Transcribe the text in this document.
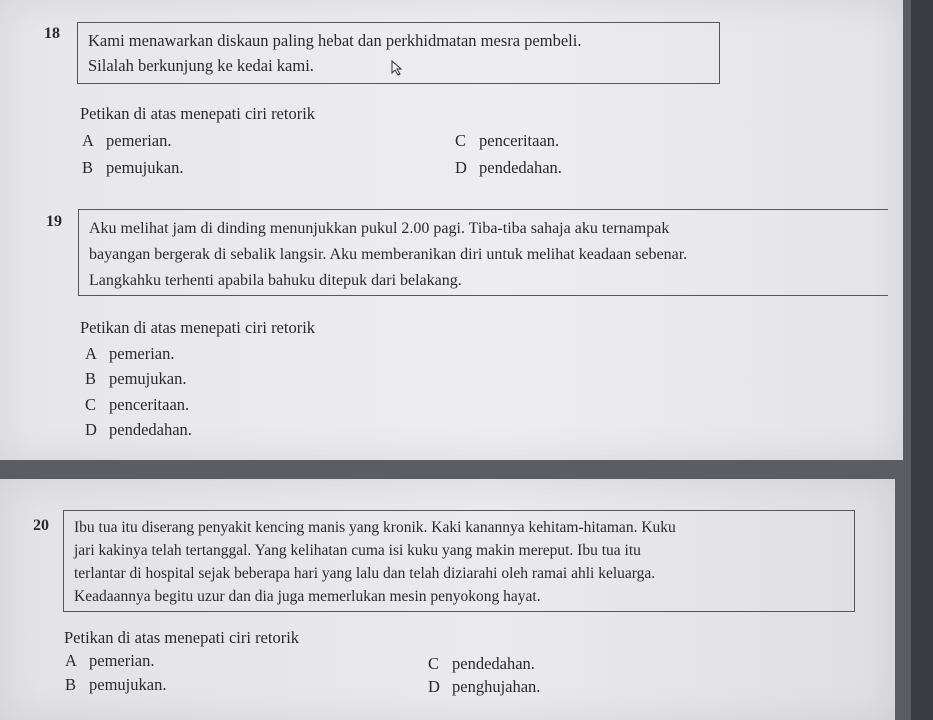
18 Kami menawarkan diskaun paling hebat dan perkhidmatan mesra pembeli.

Silalah berkunjung ke kedai kami.

Petikan di atas menepati ciri retorik
A pemerian.
B pemujukan.
C penceritaan.
D pendedahan.
19 Aku melihat jam di dinding menunjukkan pukul 2.00 pagi. Tiba-tiba sahaja aku ternampak

bayangan bergerak di sebalik langsir. Aku memberanikan diri untuk melihat keadaan sebenar.

Langkahku terhenti apabila bahuku ditepuk dari belakang.

Petikan di atas menepati ciri retorik
A pemerian.
B pemujukan.
C penceritaan.
D pendedahan.
20 Ibu tua itu diserang penyakit kencing manis yang kronik. Kaki kanannya kehitam-hitaman. Kuku

jari kakinya telah tertanggal. Yang kelihatan cuma isi kuku yang makin mereput. Ibu tua itu

terlantar di hospital sejak beberapa hari yang lalu dan telah diziarahi oleh ramai ahli keluarga.

Keadaannya begitu uzur dan dia juga memerlukan mesin penyokong hayat.

Petikan di atas menepati ciri retorik
A pemerian.
B pemujukan.
C pendedahan.
D penghujahan.
